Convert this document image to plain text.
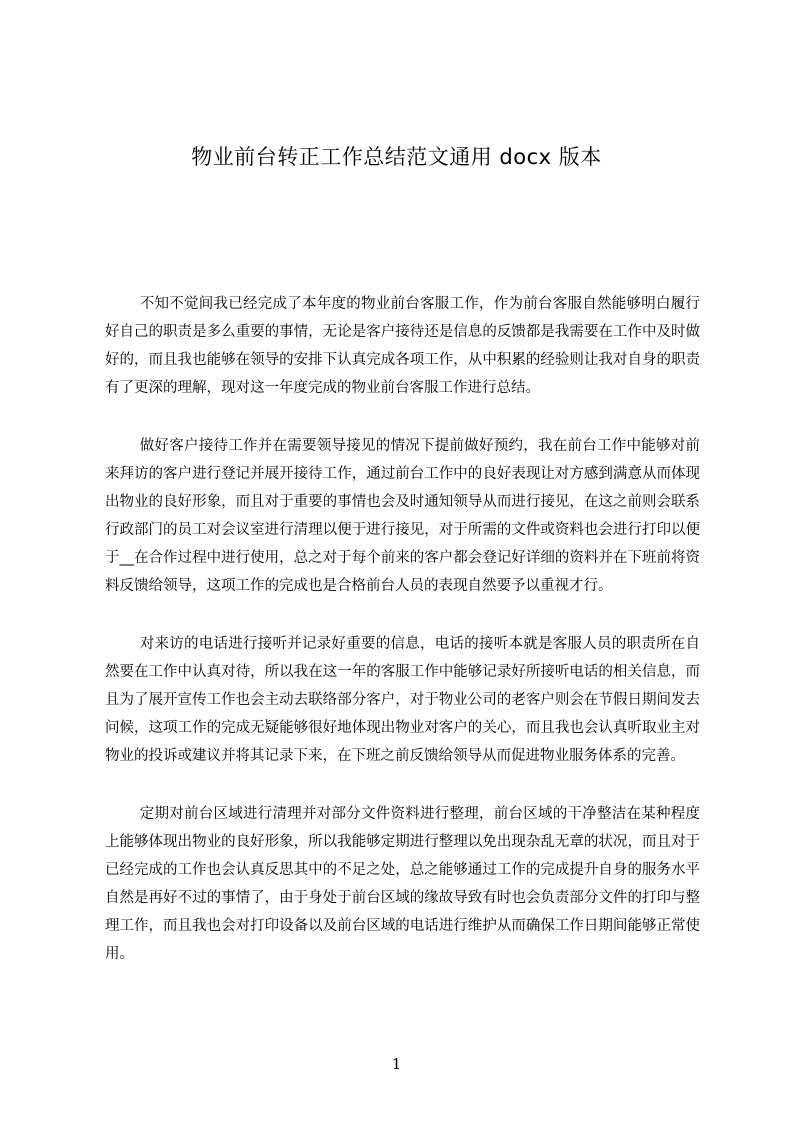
物业前台转正工作总结范文通用 docx 版本

不知不觉间我已经完成了本年度的物业前台客服工作，作为前台客服自然能够明白履行好自己的职责是多么重要的事情，无论是客户接待还是信息的反馈都是我需要在工作中及时做好的，而且我也能够在领导的安排下认真完成各项工作，从中积累的经验则让我对自身的职责有了更深的理解，现对这一年度完成的物业前台客服工作进行总结。

做好客户接待工作并在需要领导接见的情况下提前做好预约，我在前台工作中能够对前来拜访的客户进行登记并展开接待工作，通过前台工作中的良好表现让对方感到满意从而体现出物业的良好形象，而且对于重要的事情也会及时通知领导从而进行接见，在这之前则会联系行政部门的员工对会议室进行清理以便于进行接见，对于所需的文件或资料也会进行打印以便于__在合作过程中进行使用，总之对于每个前来的客户都会登记好详细的资料并在下班前将资料反馈给领导，这项工作的完成也是合格前台人员的表现自然要予以重视才行。

对来访的电话进行接听并记录好重要的信息，电话的接听本就是客服人员的职责所在自然要在工作中认真对待，所以我在这一年的客服工作中能够记录好所接听电话的相关信息，而且为了展开宣传工作也会主动去联络部分客户，对于物业公司的老客户则会在节假日期间发去问候，这项工作的完成无疑能够很好地体现出物业对客户的关心，而且我也会认真听取业主对物业的投诉或建议并将其记录下来，在下班之前反馈给领导从而促进物业服务体系的完善。

定期对前台区域进行清理并对部分文件资料进行整理，前台区域的干净整洁在某种程度上能够体现出物业的良好形象，所以我能够定期进行整理以免出现杂乱无章的状况，而且对于已经完成的工作也会认真反思其中的不足之处，总之能够通过工作的完成提升自身的服务水平自然是再好不过的事情了，由于身处于前台区域的缘故导致有时也会负责部分文件的打印与整理工作，而且我也会对打印设备以及前台区域的电话进行维护从而确保工作日期间能够正常使用。

1
